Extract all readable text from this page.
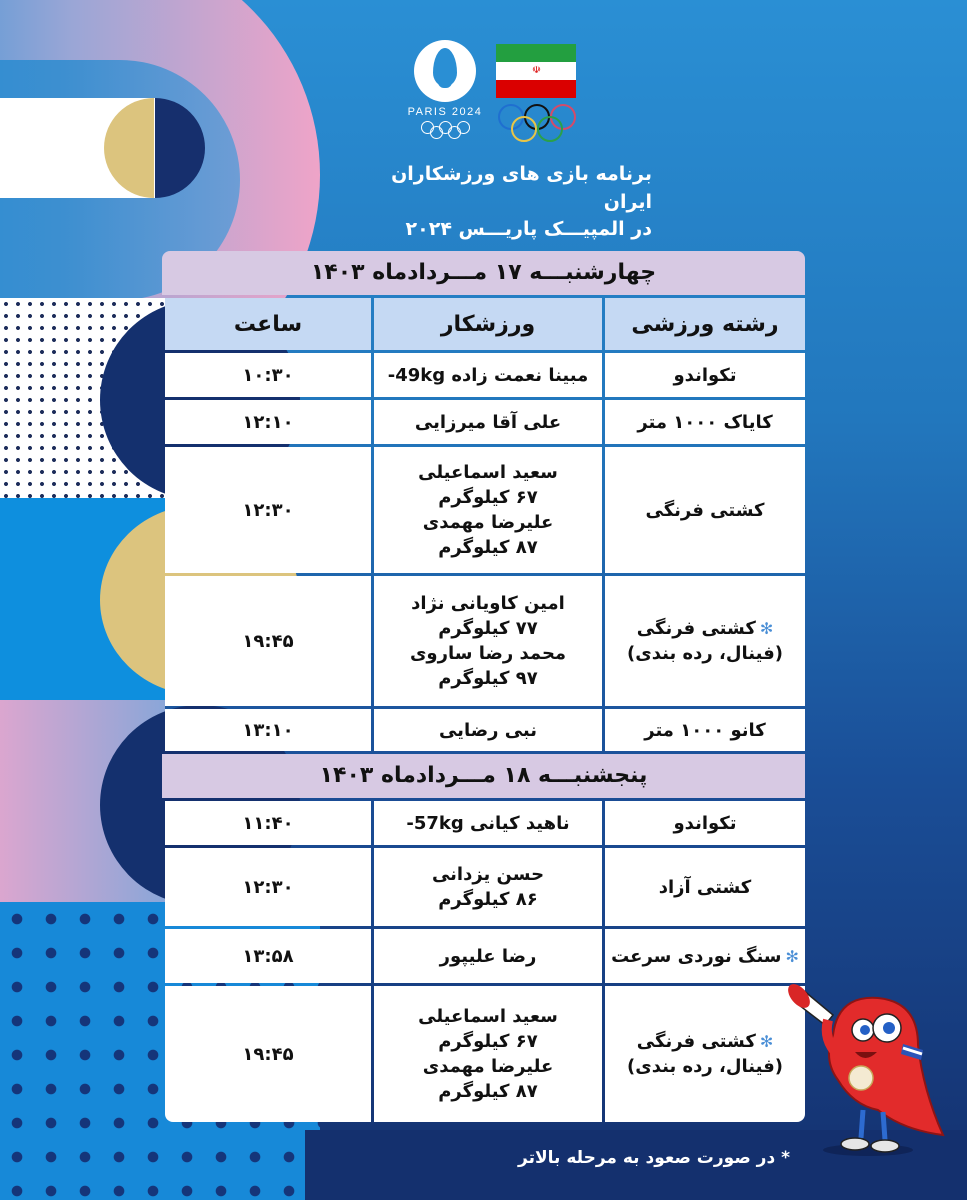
PARIS 2024
☫
برنامه بازی های ورزشکاران ایران
در المپیـــک پاریـــس ۲۰۲۴
چهارشنبـــه ۱۷ مـــردادماه ۱۴۰۳
رشته ورزشی
ورزشکار
ساعت
تکواندو
مبینا نعمت زاده ‎-49kg
۱۰:۳۰
کایاک ۱۰۰۰ متر
علی آقا میرزایی
۱۲:۱۰
کشتی فرنگی
سعید اسماعیلی
۶۷ کیلوگرم
علیرضا مهمدی
۸۷ کیلوگرم
۱۲:۳۰
✻کشتی فرنگی
(فینال، رده بندی)
امین کاویانی نژاد
۷۷ کیلوگرم
محمد رضا ساروی
۹۷ کیلوگرم
۱۹:۴۵
کانو ۱۰۰۰ متر
نبی رضایی
۱۳:۱۰
پنجشنبـــه ۱۸ مـــردادماه ۱۴۰۳
تکواندو
ناهید کیانی ‎-57kg
۱۱:۴۰
کشتی آزاد
حسن یزدانی
۸۶ کیلوگرم
۱۲:۳۰
✻سنگ نوردی سرعت
رضا علیپور
۱۳:۵۸
✻کشتی فرنگی
(فینال، رده بندی)
سعید اسماعیلی
۶۷ کیلوگرم
علیرضا مهمدی
۸۷ کیلوگرم
۱۹:۴۵
* در صورت صعود به مرحله بالاتر
